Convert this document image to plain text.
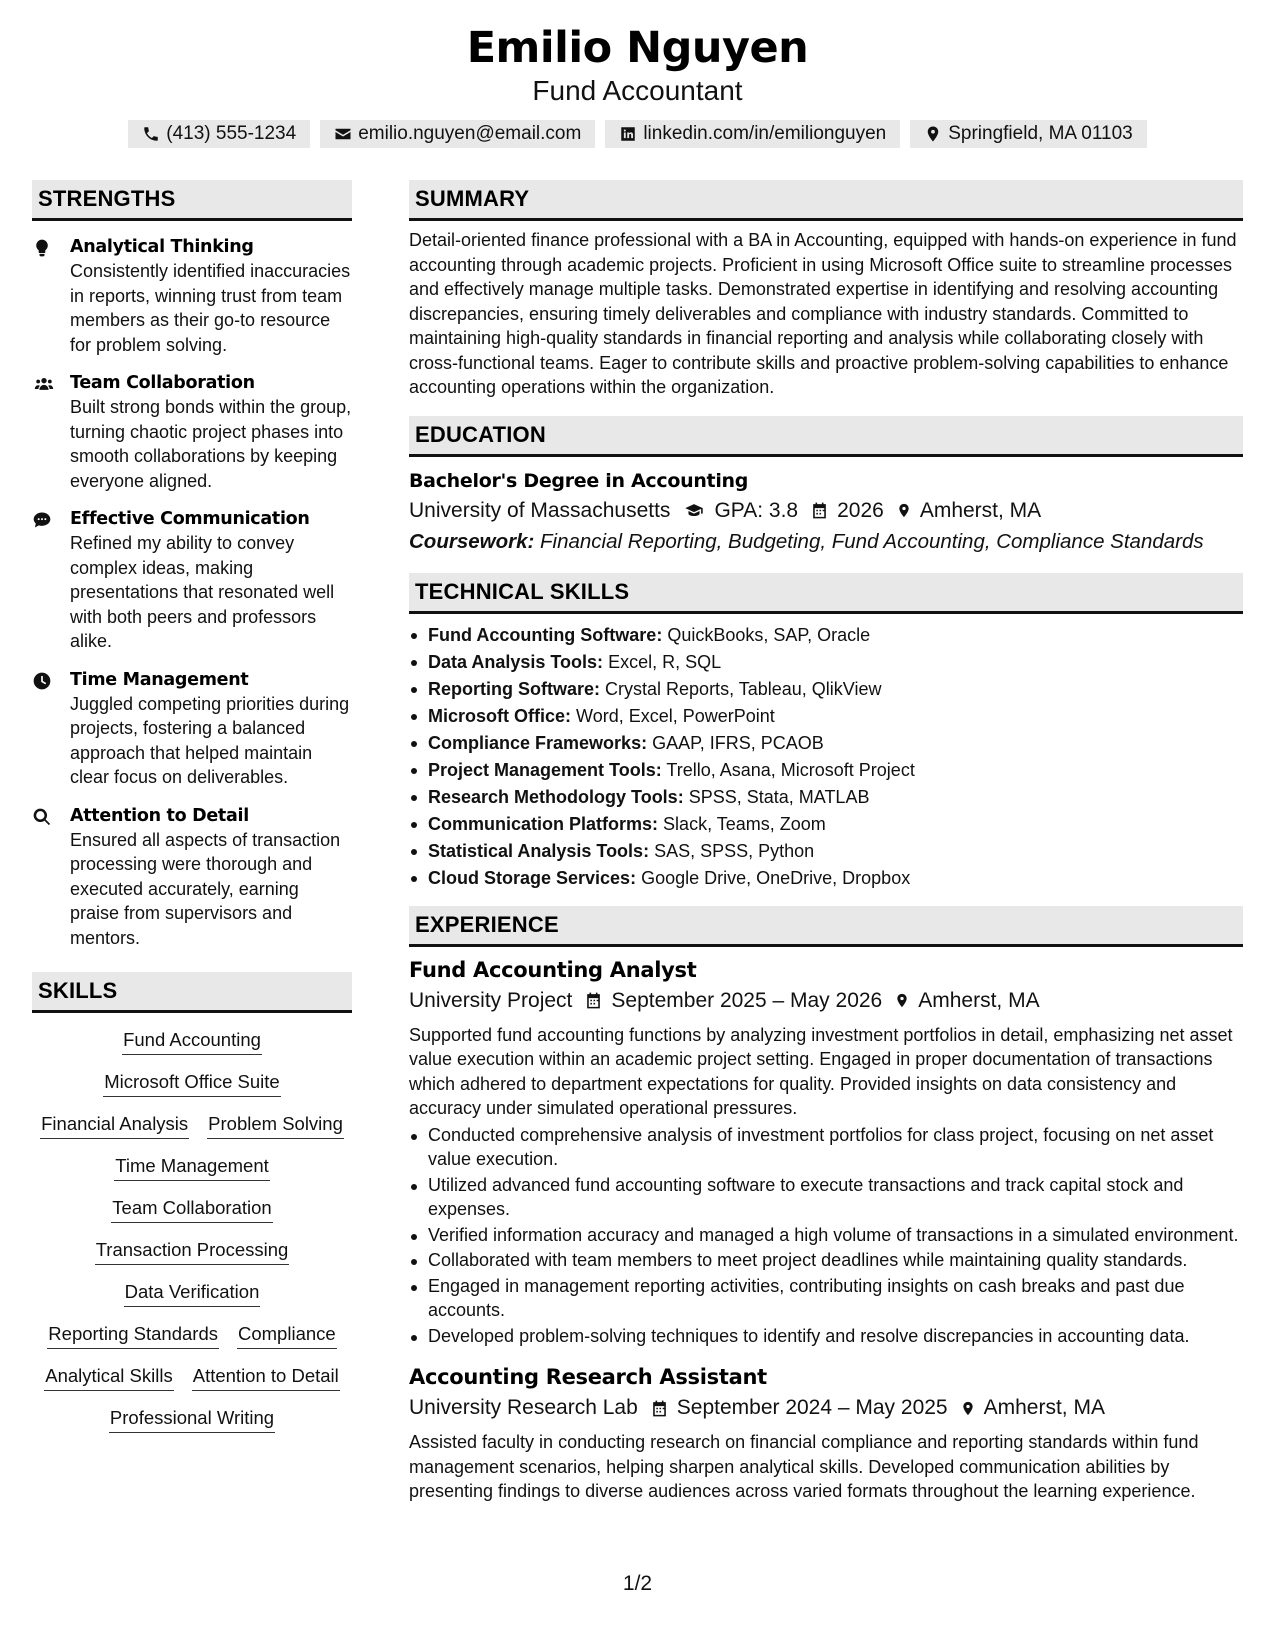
Emilio Nguyen
Fund Accountant
(413) 555-1234	emilio.nguyen@email.com	linkedin.com/in/emilionguyen	Springfield, MA 01103
STRENGTHS
Analytical Thinking
Consistently identified inaccuracies in reports, winning trust from team members as their go-to resource for problem solving.
Team Collaboration
Built strong bonds within the group, turning chaotic project phases into smooth collaborations by keeping everyone aligned.
Effective Communication
Refined my ability to convey complex ideas, making presentations that resonated well with both peers and professors alike.
Time Management
Juggled competing priorities during projects, fostering a balanced approach that helped maintain clear focus on deliverables.
Attention to Detail
Ensured all aspects of transaction processing were thorough and executed accurately, earning praise from supervisors and mentors.
SKILLS
Fund Accounting
Microsoft Office Suite
Financial Analysis Problem Solving
Time Management
Team Collaboration
Transaction Processing
Data Verification
Reporting Standards Compliance
Analytical Skills Attention to Detail
Professional Writing
SUMMARY
Detail-oriented finance professional with a BA in Accounting, equipped with hands-on experience in fund accounting through academic projects. Proficient in using Microsoft Office suite to streamline processes and effectively manage multiple tasks. Demonstrated expertise in identifying and resolving accounting discrepancies, ensuring timely deliverables and compliance with industry standards. Committed to maintaining high-quality standards in financial reporting and analysis while collaborating closely with cross-functional teams. Eager to contribute skills and proactive problem-solving capabilities to enhance accounting operations within the organization.
EDUCATION
Bachelor's Degree in Accounting
University of Massachusetts GPA: 3.8 2026 Amherst, MA
Coursework: Financial Reporting, Budgeting, Fund Accounting, Compliance Standards
TECHNICAL SKILLS
Fund Accounting Software: QuickBooks, SAP, Oracle
Data Analysis Tools: Excel, R, SQL
Reporting Software: Crystal Reports, Tableau, QlikView
Microsoft Office: Word, Excel, PowerPoint
Compliance Frameworks: GAAP, IFRS, PCAOB
Project Management Tools: Trello, Asana, Microsoft Project
Research Methodology Tools: SPSS, Stata, MATLAB
Communication Platforms: Slack, Teams, Zoom
Statistical Analysis Tools: SAS, SPSS, Python
Cloud Storage Services: Google Drive, OneDrive, Dropbox
EXPERIENCE
Fund Accounting Analyst
University Project September 2025 – May 2026 Amherst, MA
Supported fund accounting functions by analyzing investment portfolios in detail, emphasizing net asset value execution within an academic project setting. Engaged in proper documentation of transactions which adhered to department expectations for quality. Provided insights on data consistency and accuracy under simulated operational pressures.
Conducted comprehensive analysis of investment portfolios for class project, focusing on net asset value execution.
Utilized advanced fund accounting software to execute transactions and track capital stock and expenses.
Verified information accuracy and managed a high volume of transactions in a simulated environment.
Collaborated with team members to meet project deadlines while maintaining quality standards.
Engaged in management reporting activities, contributing insights on cash breaks and past due accounts.
Developed problem-solving techniques to identify and resolve discrepancies in accounting data.
Accounting Research Assistant
University Research Lab September 2024 – May 2025 Amherst, MA
Assisted faculty in conducting research on financial compliance and reporting standards within fund management scenarios, helping sharpen analytical skills. Developed communication abilities by presenting findings to diverse audiences across varied formats throughout the learning experience.
1/2
